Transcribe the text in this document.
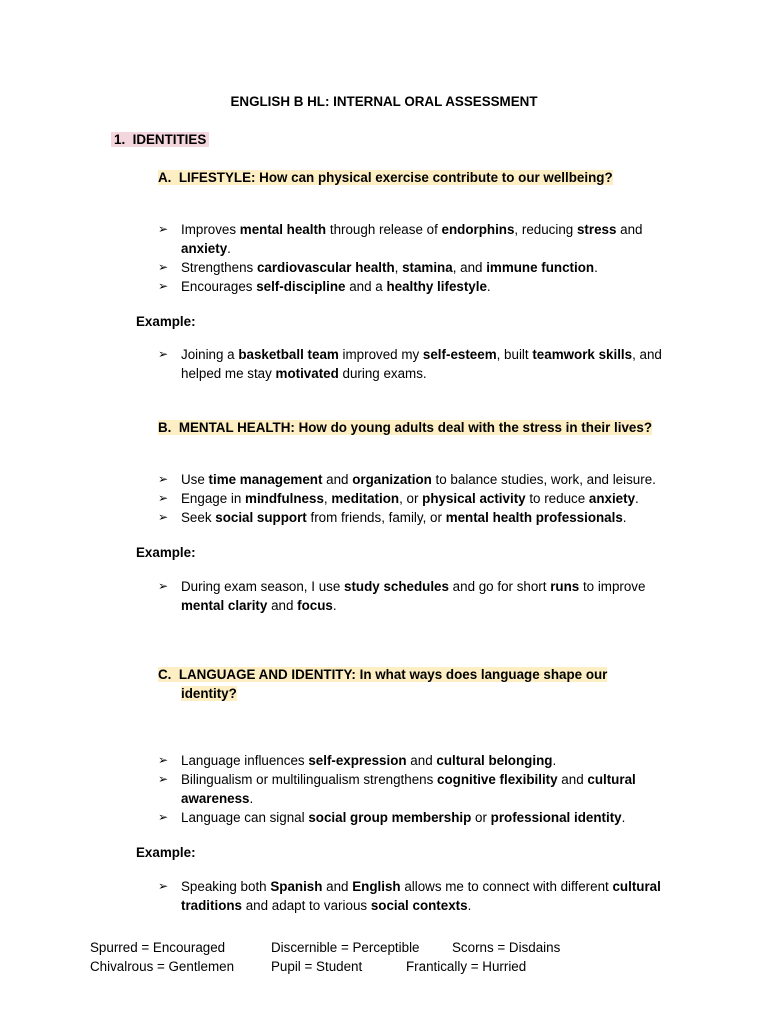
ENGLISH B HL: INTERNAL ORAL ASSESSMENT
1.  IDENTITIES
A.  LIFESTYLE: How can physical exercise contribute to our wellbeing?
➢ Improves mental health through release of endorphins, reducing stress and anxiety.
➢ Strengthens cardiovascular health, stamina, and immune function.
➢ Encourages self-discipline and a healthy lifestyle.
Example:
➢ Joining a basketball team improved my self-esteem, built teamwork skills, and helped me stay motivated during exams.
B.  MENTAL HEALTH: How do young adults deal with the stress in their lives?
➢ Use time management and organization to balance studies, work, and leisure.
➢ Engage in mindfulness, meditation, or physical activity to reduce anxiety.
➢ Seek social support from friends, family, or mental health professionals.
Example:
➢ During exam season, I use study schedules and go for short runs to improve mental clarity and focus.
C.  LANGUAGE AND IDENTITY: In what ways does language shape our
identity?
➢ Language influences self-expression and cultural belonging.
➢ Bilingualism or multilingualism strengthens cognitive flexibility and cultural awareness.
➢ Language can signal social group membership or professional identity.
Example:
➢ Speaking both Spanish and English allows me to connect with different cultural traditions and adapt to various social contexts.
Spurred = Encouraged	Discernible = Perceptible Scorns = Disdains
Chivalrous = Gentlemen	Pupil = Student	Frantically = Hurried
